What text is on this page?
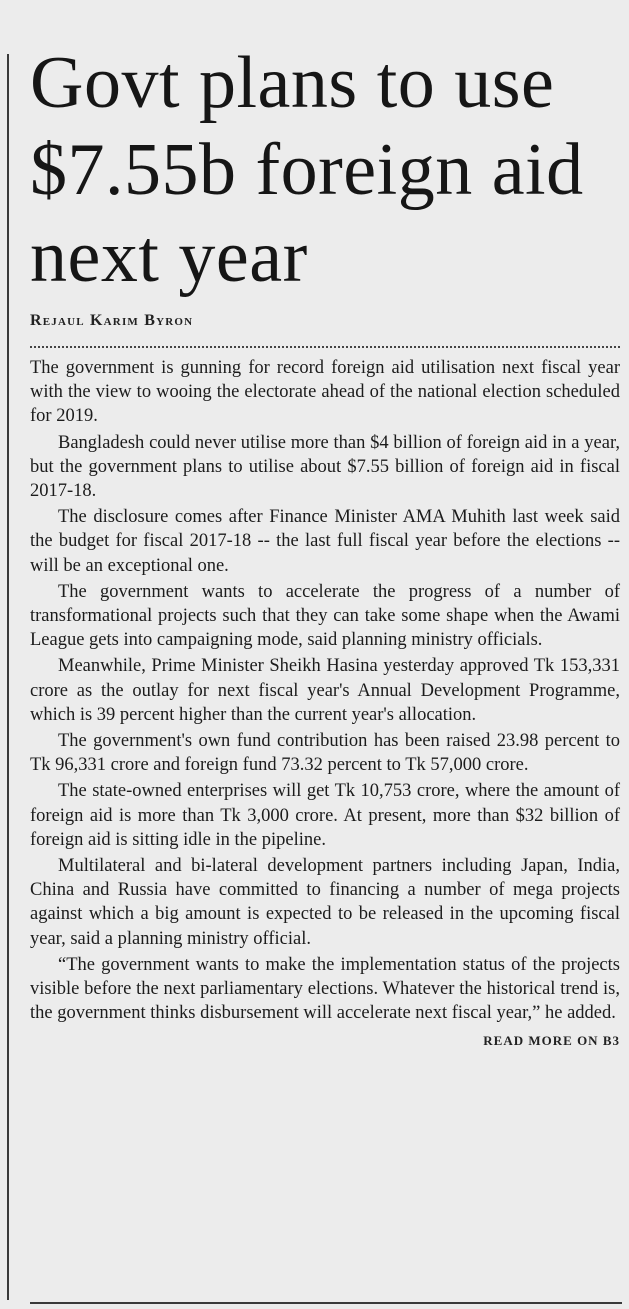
Govt plans to use $7.55b foreign aid next year
Rejaul Karim Byron

The government is gunning for record foreign aid utilisation next fiscal year with the view to wooing the electorate ahead of the national election scheduled for 2019.

Bangladesh could never utilise more than $4 billion of foreign aid in a year, but the government plans to utilise about $7.55 billion of foreign aid in fiscal 2017-18.

The disclosure comes after Finance Minister AMA Muhith last week said the budget for fiscal 2017-18 -- the last full fiscal year before the elections -- will be an exceptional one.

The government wants to accelerate the progress of a number of transformational projects such that they can take some shape when the Awami League gets into campaigning mode, said planning ministry officials.

Meanwhile, Prime Minister Sheikh Hasina yesterday approved Tk 153,331 crore as the outlay for next fiscal year's Annual Development Programme, which is 39 percent higher than the current year's allocation.

The government's own fund contribution has been raised 23.98 percent to Tk 96,331 crore and foreign fund 73.32 percent to Tk 57,000 crore.

The state-owned enterprises will get Tk 10,753 crore, where the amount of foreign aid is more than Tk 3,000 crore. At present, more than $32 billion of foreign aid is sitting idle in the pipeline.

Multilateral and bi-lateral development partners including Japan, India, China and Russia have committed to financing a number of mega projects against which a big amount is expected to be released in the upcoming fiscal year, said a planning ministry official.

“The government wants to make the implementation status of the projects visible before the next parliamentary elections. Whatever the historical trend is, the government thinks disbursement will accelerate next fiscal year,” he added.

READ MORE ON B3
